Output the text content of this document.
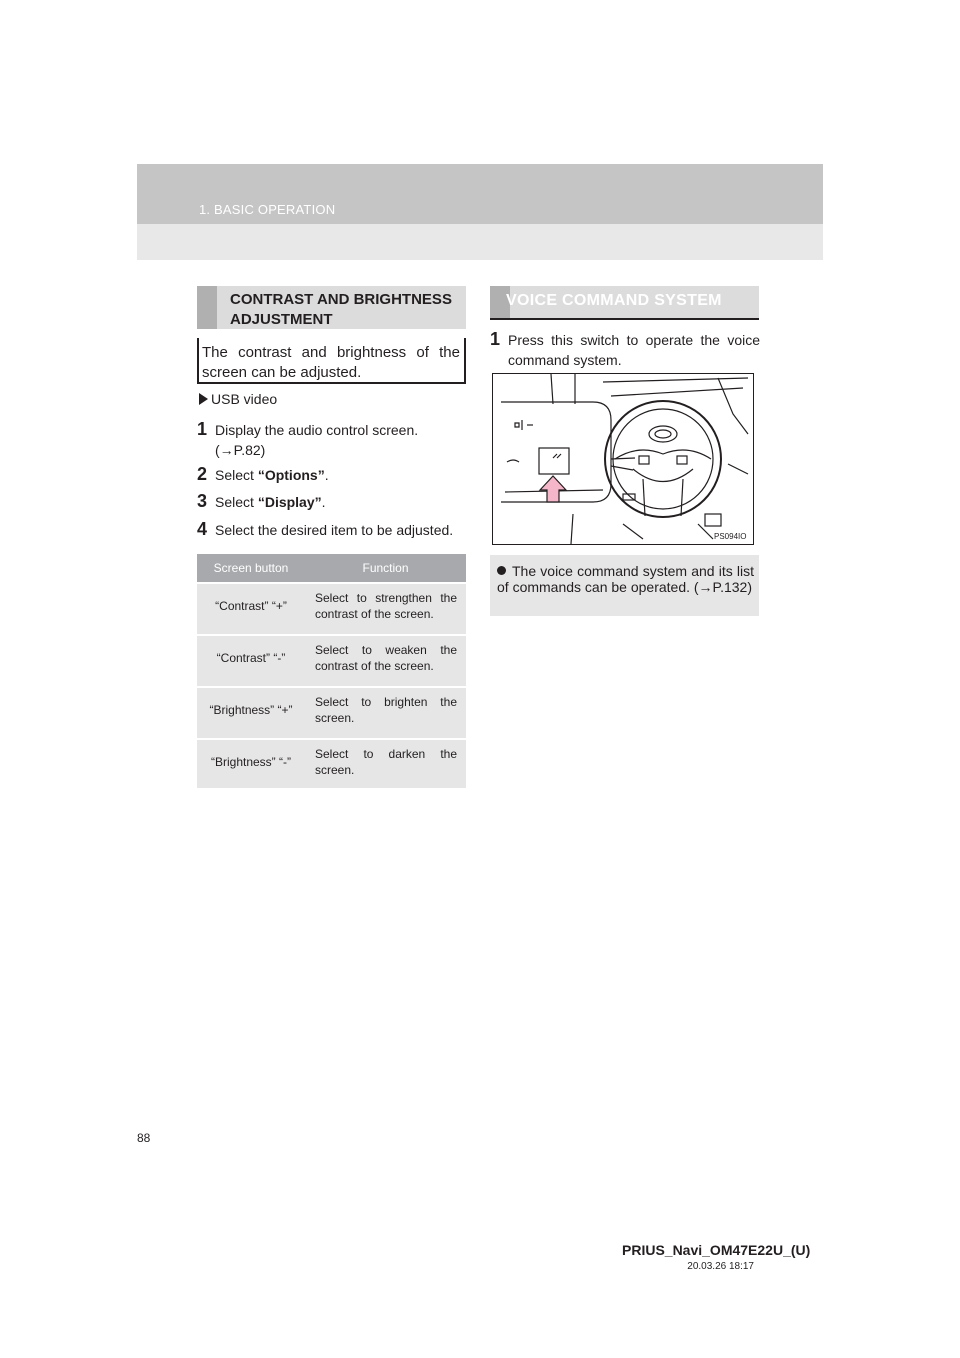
1. BASIC OPERATION
CONTRAST AND BRIGHTNESS
ADJUSTMENT
The contrast and brightness of the screen can be adjusted.
USB video
1 Display the audio control screen.
(→P.82)
2 Select “Options”.
3 Select “Display”.
4 Select the desired item to be adjusted.
Screen button	Function
“Contrast” “+”
Select to strengthen the contrast of the screen.
“Contrast” “-”
Select to weaken the contrast of the screen.
“Brightness” “+”
Select to brighten the screen.
“Brightness” “-”
Select to darken the screen.
VOICE COMMAND SYSTEM
1 Press this switch to operate the voice command system.
PS094IO
The voice command system and its list of commands can be operated. (→P.132)
88
PRIUS_Navi_OM47E22U_(U)
20.03.26 18:17
